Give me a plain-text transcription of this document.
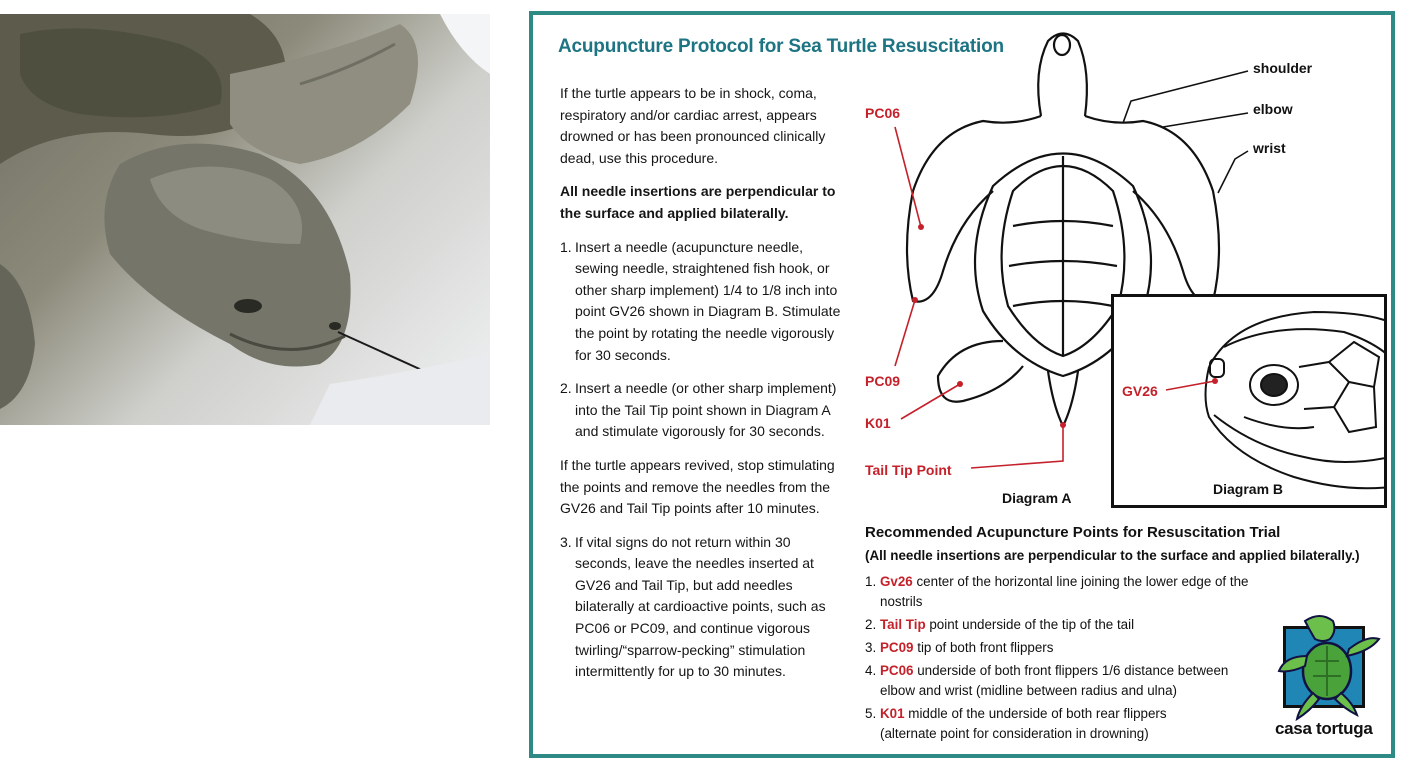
Acupuncture Protocol for Sea Turtle Resuscitation

If the turtle appears to be in shock, coma, respiratory and/or cardiac arrest, appears drowned or has been pronounced clinically dead, use this procedure.

All needle insertions are perpendicular to the surface and applied bilaterally.

1. Insert a needle (acupuncture needle, sewing needle, straightened fish hook, or other sharp implement) 1/4 to 1/8 inch into point GV26 shown in Diagram B. Stimulate the point by rotating the needle vigorously for 30 seconds.
2. Insert a needle (or other sharp implement) into the Tail Tip point shown in Diagram A and stimulate vigorously for 30 seconds.

If the turtle appears revived, stop stimulating the points and remove the needles from the GV26 and Tail Tip points after 10 minutes.

3. If vital signs do not return within 30 seconds, leave the needles inserted at GV26 and Tail Tip, but add needles bilaterally at cardioactive points, such as PC06 or PC09, and continue vigorous twirling/“sparrow-pecking” stimulation intermittently for up to 30 minutes.
shoulder
elbow
wrist
PC06
PC09
K01
Tail Tip Point
Diagram A
GV26
Diagram B
Recommended Acupuncture Points for Resuscitation Trial
(All needle insertions are perpendicular to the surface and applied bilaterally.)
1. Gv26 center of the horizontal line joining the lower edge of the nostrils
2. Tail Tip point underside of the tip of the tail
3. PC09 tip of both front flippers
4. PC06 underside of both front flippers 1/6 distance between elbow and wrist (midline between radius and ulna)
5. K01 middle of the underside of both rear flippers (alternate point for consideration in drowning)	casa tortuga
